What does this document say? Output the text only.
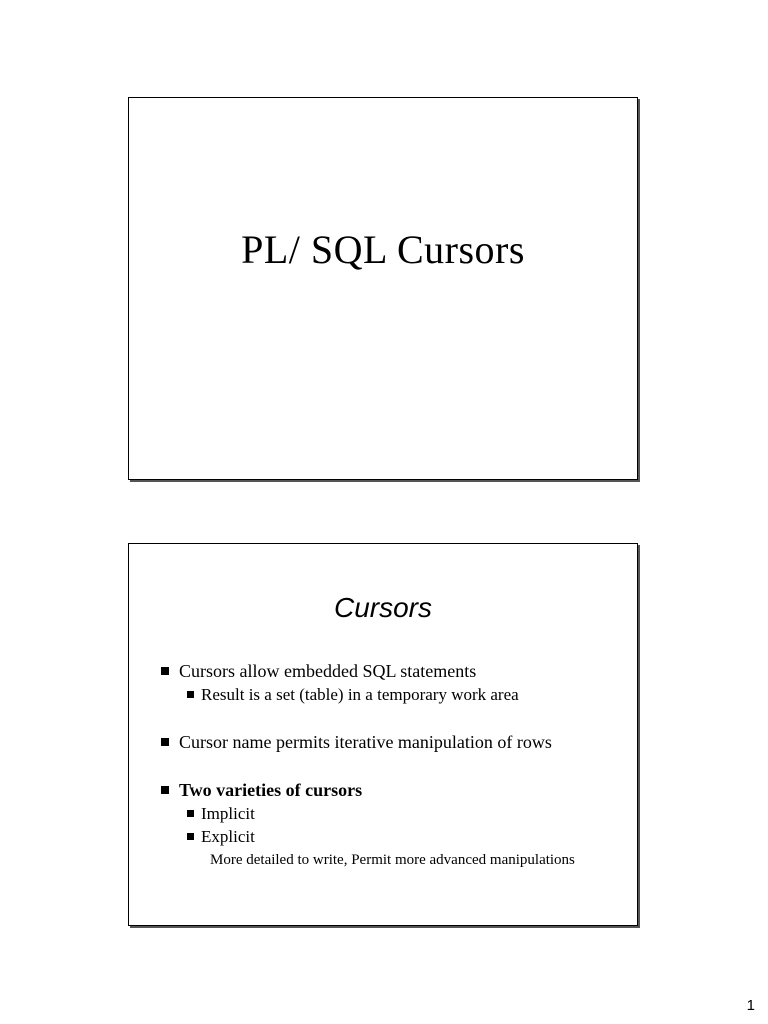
PL/ SQL Cursors
Cursors
Cursors allow embedded SQL statements
Result is a set (table) in a temporary work area
Cursor name permits iterative manipulation of rows
Two varieties of cursors
Implicit
Explicit
More detailed to write, Permit more advanced manipulations
1
